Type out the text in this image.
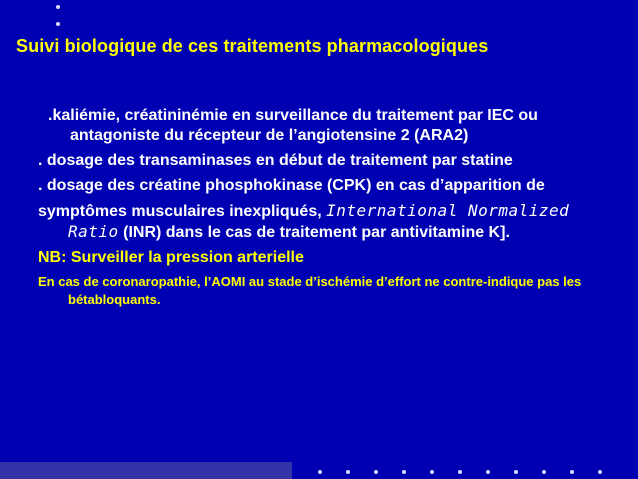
Suivi biologique de ces traitements pharmacologiques

.kaliémie, créatininémie en surveillance du traitement par IEC ou antagoniste du récepteur de l’angiotensine 2 (ARA2)

. dosage des transaminases en début de traitement par statine

. dosage des créatine phosphokinase (CPK) en cas d’apparition de

symptômes musculaires inexpliqués, International Normalized Ratio (INR) dans le cas de traitement par antivitamine K].

NB: Surveiller la pression arterielle

En cas de coronaropathie, l’AOMI au stade d’ischémie d’effort ne contre-indique pas les bétabloquants.
